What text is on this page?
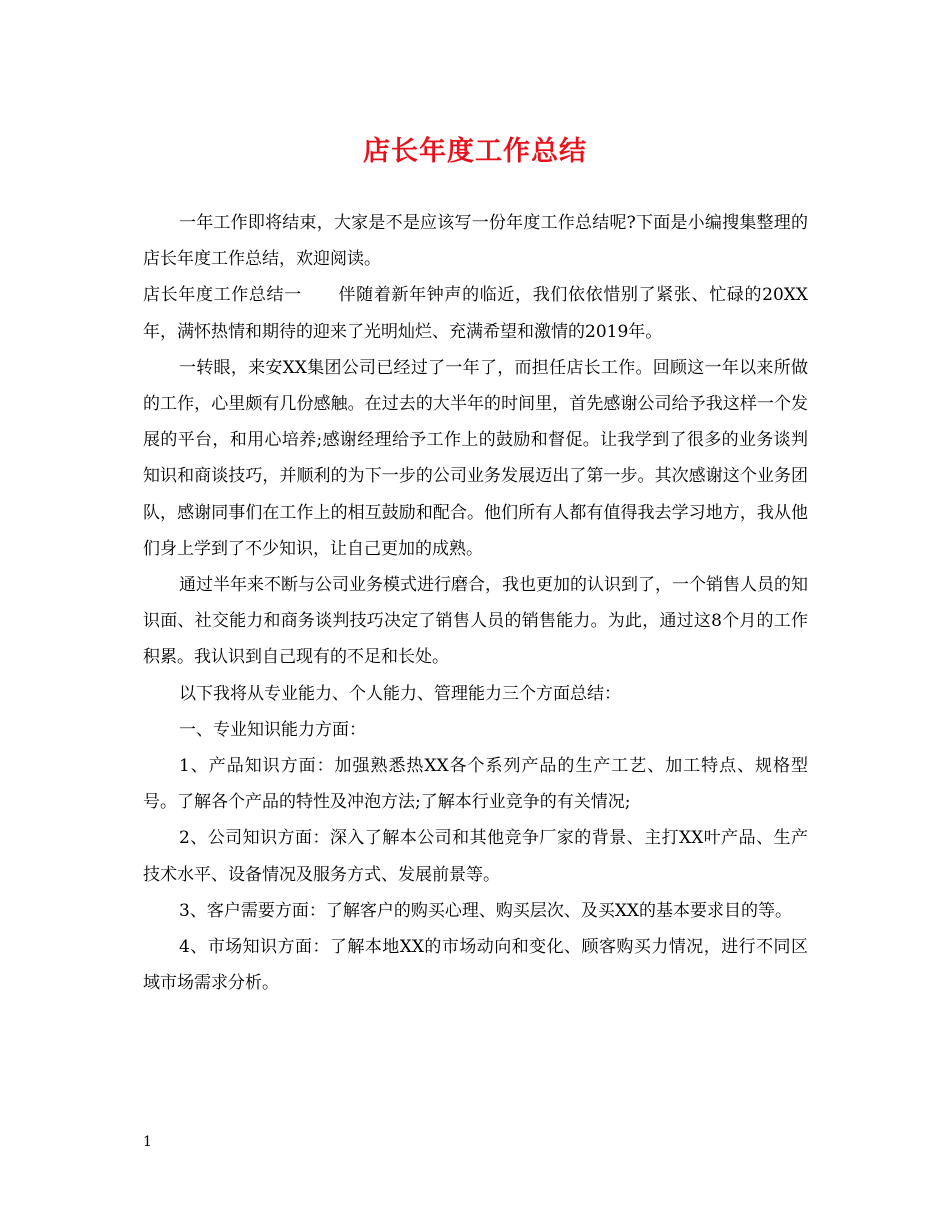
店长年度工作总结

一年工作即将结束，大家是不是应该写一份年度工作总结呢?下面是小编搜集整理的店长年度工作总结，欢迎阅读。

店长年度工作总结一 伴随着新年钟声的临近，我们依依惜别了紧张、忙碌的20XX年，满怀热情和期待的迎来了光明灿烂、充满希望和激情的2019年。

一转眼，来安XX集团公司已经过了一年了，而担任店长工作。回顾这一年以来所做的工作，心里颇有几份感触。在过去的大半年的时间里，首先感谢公司给予我这样一个发展的平台，和用心培养;感谢经理给予工作上的鼓励和督促。让我学到了很多的业务谈判知识和商谈技巧，并顺利的为下一步的公司业务发展迈出了第一步。其次感谢这个业务团队，感谢同事们在工作上的相互鼓励和配合。他们所有人都有值得我去学习地方，我从他们身上学到了不少知识，让自己更加的成熟。

通过半年来不断与公司业务模式进行磨合，我也更加的认识到了，一个销售人员的知识面、社交能力和商务谈判技巧决定了销售人员的销售能力。为此，通过这8个月的工作积累。我认识到自己现有的不足和长处。

以下我将从专业能力、个人能力、管理能力三个方面总结：

一、专业知识能力方面：

1、产品知识方面：加强熟悉热XX各个系列产品的生产工艺、加工特点、规格型号。了解各个产品的特性及冲泡方法;了解本行业竞争的有关情况;

2、公司知识方面：深入了解本公司和其他竞争厂家的背景、主打XX叶产品、生产技术水平、设备情况及服务方式、发展前景等。

3、客户需要方面：了解客户的购买心理、购买层次、及买XX的基本要求目的等。

4、市场知识方面：了解本地XX的市场动向和变化、顾客购买力情况，进行不同区域市场需求分析。

1
